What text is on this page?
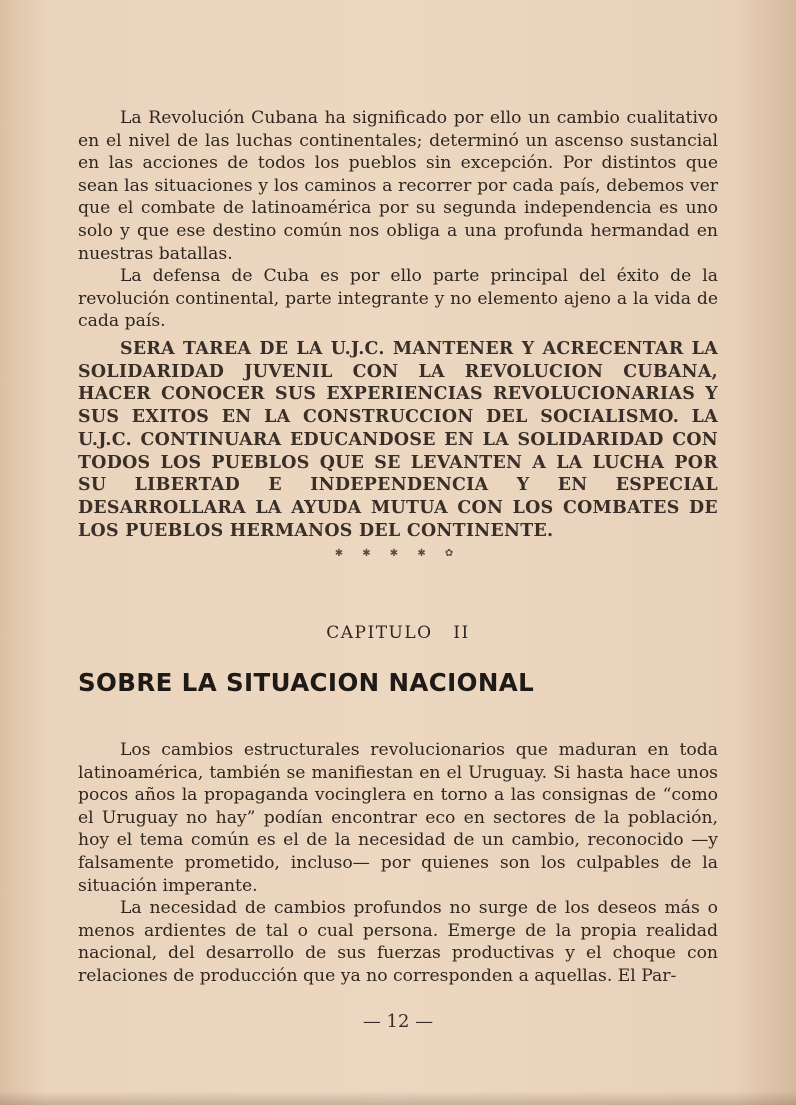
La Revolución Cubana ha significado por ello un cambio cualitativo en el nivel de las luchas continentales; determinó un ascenso sustancial en las acciones de todos los pueblos sin excepción. Por distintos que sean las situaciones y los caminos a recorrer por cada país, debemos ver que el combate de latinoamérica por su segunda independencia es uno solo y que ese destino común nos obliga a una profunda hermandad en nuestras batallas.

La defensa de Cuba es por ello parte principal del éxito de la revolución continental, parte integrante y no elemento ajeno a la vida de cada país.

SERA TAREA DE LA U.J.C. MANTENER Y ACRECENTAR LA SOLIDARIDAD JUVENIL CON LA REVOLUCION CUBANA, HACER CONOCER SUS EXPERIENCIAS REVOLUCIONARIAS Y SUS EXITOS EN LA CONSTRUCCION DEL SOCIALISMO. LA U.J.C. CONTINUARA EDUCANDOSE EN LA SOLIDARIDAD CON TODOS LOS PUEBLOS QUE SE LEVANTEN A LA LUCHA POR SU LIBERTAD E INDEPENDENCIA Y EN ESPECIAL DESARROLLARA LA AYUDA MUTUA CON LOS COMBATES DE LOS PUEBLOS HERMANOS DEL CONTINENTE.

✱ ✱ ✱ ✱ ✿
CAPITULO   II
SOBRE LA SITUACION NACIONAL

Los cambios estructurales revolucionarios que maduran en toda latinoamérica, también se manifiestan en el Uruguay. Si hasta hace unos pocos años la propaganda vocinglera en torno a las consignas de “como el Uruguay no hay” podían encontrar eco en sectores de la población, hoy el tema común es el de la necesidad de un cambio, reconocido —y falsamente prometido, incluso— por quienes son los culpables de la situación imperante.

La necesidad de cambios profundos no surge de los deseos más o menos ardientes de tal o cual persona. Emerge de la propia realidad nacional, del desarrollo de sus fuerzas productivas y el choque con relaciones de producción que ya no corresponden a aquellas. El Par-

— 12 —
